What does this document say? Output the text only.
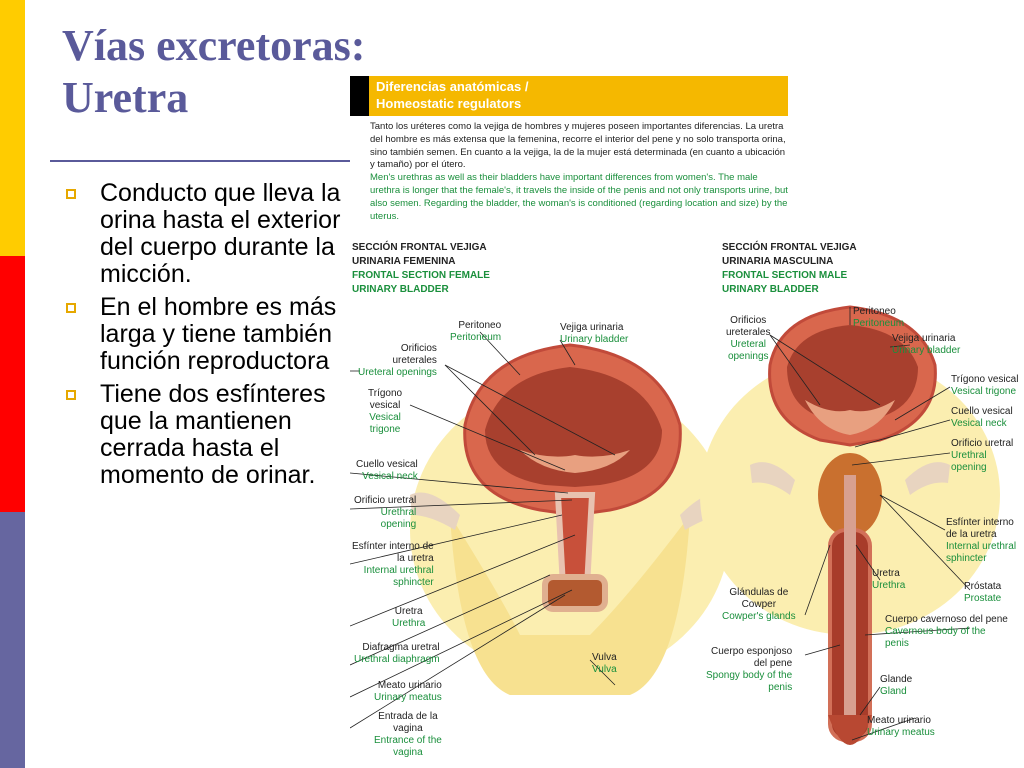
Vías excretoras:
Uretra
Conducto que lleva la orina hasta el exterior del cuerpo durante la micción.
En el hombre es más larga y tiene también función reproductora
Tiene dos esfínteres que la mantienen cerrada hasta el momento de orinar.
Diferencias anatómicas /
Homeostatic regulators
Tanto los uréteres como la vejiga de hombres y mujeres poseen importantes diferencias. La uretra del hombre es más extensa que la femenina, recorre el interior del pene y no solo transporta orina, sino también semen. En cuanto a la vejiga, la de la mujer está determinada (en cuanto a ubicación y tamaño) por el útero.
Men's urethras as well as their bladders have important differences from women's. The male urethra is longer that the female's, it travels the inside of the penis and not only transports urine, but also semen. Regarding the bladder, the woman's is conditioned (regarding location and size) by the uterus.
SECCIÓN FRONTAL VEJIGA
URINARIA FEMENINA
FRONTAL SECTION FEMALE
URINARY BLADDER
SECCIÓN FRONTAL VEJIGA
URINARIA MASCULINA
FRONTAL SECTION MALE
URINARY BLADDER
Peritoneo
Peritoneum
Vejiga urinaria
Urinary bladder
Orificios
ureterales
Ureteral openings
Trígono
vesical
Vesical
trigone
Cuello vesical
Vesical neck
Orificio uretral
Urethral
opening
Esfínter interno de
la uretra
Internal urethral
sphincter
Uretra
Urethra
Diafragma uretral
Urethral diaphragm
Meato urinario
Urinary meatus
Entrada de la
vagina
Entrance of the
vagina
Vulva
Vulva
Orificios
ureterales
Ureteral
openings
Peritoneo
Peritoneum
Vejiga urinaria
Urinary bladder
Trígono vesical
Vesical trigone
Cuello vesical
Vesical neck
Orificio uretral
Urethral
opening
Esfínter interno
de la uretra
Internal urethral
sphincter
Próstata
Prostate
Uretra
Urethra
Glándulas de
Cowper
Cowper's glands	Cuerpo cavernoso del pene
Cavernous body of the
penis
Cuerpo esponjoso
del pene
Spongy body of the
penis
Glande
Gland
Meato urinario
Urinary meatus
